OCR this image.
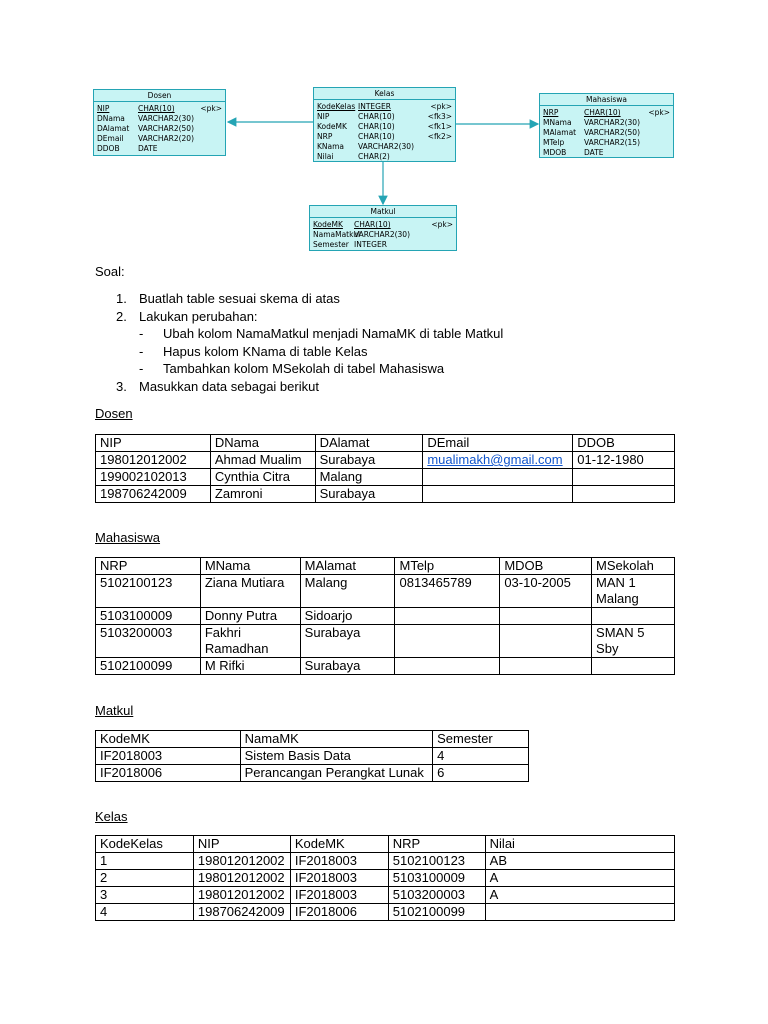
Dosen
NIP	CHAR(10)	<pk>
DNama	VARCHAR2(30)
DAlamat	VARCHAR2(50)
DEmail	VARCHAR2(20)
DDOB	DATE
Kelas
KodeKelas INTEGER	<pk>
NIP	CHAR(10)	<fk3>
KodeMK	CHAR(10)	<fk1>
NRP	CHAR(10)	<fk2>
KNama	VARCHAR2(30)
Nilai	CHAR(2)
Mahasiswa
NRP	CHAR(10)	<pk>
MNama	VARCHAR2(30)
MAlamat	VARCHAR2(50)
MTelp	VARCHAR2(15)
MDOB	DATE
Matkul
KodeMK	CHAR(10)	<pk>
NamaMatkul
VARCHAR2(30)
Semester INTEGER
Soal:
1. Buatlah table sesuai skema di atas
2. Lakukan perubahan:
- Ubah kolom NamaMatkul menjadi NamaMK di table Matkul
- Hapus kolom KNama di table Kelas
- Tambahkan kolom MSekolah di tabel Mahasiswa
3. Masukkan data sebagai berikut
Dosen
NIP	DNama	DAlamat	DEmail	DDOB
198012012002	Ahmad Mualim	Surabaya	mualimakh@gmail.com	01-12-1980
199002102013	Cynthia Citra	Malang		
198706242009	Zamroni	Surabaya		
Mahasiswa
NRP	MNama	MAlamat	MTelp	MDOB	MSekolah
5102100123	Ziana Mutiara	Malang	0813465789	03-10-2005	MAN 1 Malang
5103100009	Donny Putra	Sidoarjo			
5103200003	Fakhri Ramadhan	Surabaya			SMAN 5 Sby
5102100099	M Rifki	Surabaya			
Matkul
KodeMK	NamaMK	Semester
IF2018003	Sistem Basis Data	4
IF2018006	Perancangan Perangkat Lunak	6
Kelas
KodeKelas	NIP	KodeMK	NRP	Nilai
1	198012012002	IF2018003	5102100123	AB
2	198012012002	IF2018003	5103100009	A
3	198012012002	IF2018003	5103200003	A
4	198706242009	IF2018006	5102100099	
